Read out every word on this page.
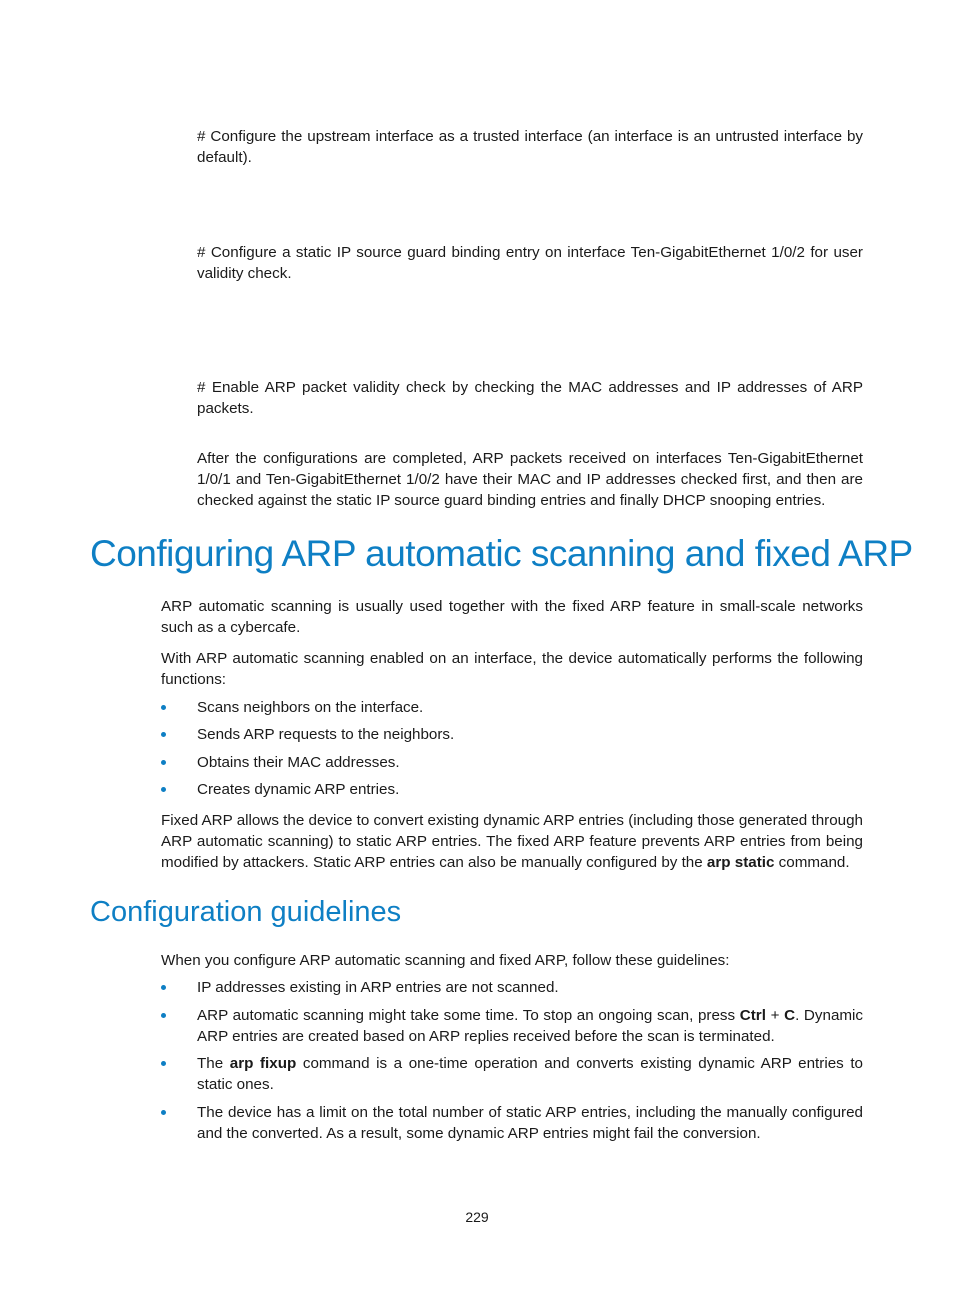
# Configure the upstream interface as a trusted interface (an interface is an untrusted interface by default).

# Configure a static IP source guard binding entry on interface Ten-GigabitEthernet 1/0/2 for user validity check.

# Enable ARP packet validity check by checking the MAC addresses and IP addresses of ARP packets.

After the configurations are completed, ARP packets received on interfaces Ten-GigabitEthernet 1/0/1 and Ten-GigabitEthernet 1/0/2 have their MAC and IP addresses checked first, and then are checked against the static IP source guard binding entries and finally DHCP snooping entries.

Configuring ARP automatic scanning and fixed ARP

ARP automatic scanning is usually used together with the fixed ARP feature in small-scale networks such as a cybercafe.

With ARP automatic scanning enabled on an interface, the device automatically performs the following functions:

Scans neighbors on the interface.

Sends ARP requests to the neighbors.

Obtains their MAC addresses.

Creates dynamic ARP entries.

Fixed ARP allows the device to convert existing dynamic ARP entries (including those generated through ARP automatic scanning) to static ARP entries. The fixed ARP feature prevents ARP entries from being modified by attackers. Static ARP entries can also be manually configured by the arp static command.

Configuration guidelines

When you configure ARP automatic scanning and fixed ARP, follow these guidelines:

IP addresses existing in ARP entries are not scanned.

ARP automatic scanning might take some time. To stop an ongoing scan, press Ctrl + C. Dynamic ARP entries are created based on ARP replies received before the scan is terminated.

The arp fixup command is a one-time operation and converts existing dynamic ARP entries to static ones.

The device has a limit on the total number of static ARP entries, including the manually configured and the converted. As a result, some dynamic ARP entries might fail the conversion.

229
